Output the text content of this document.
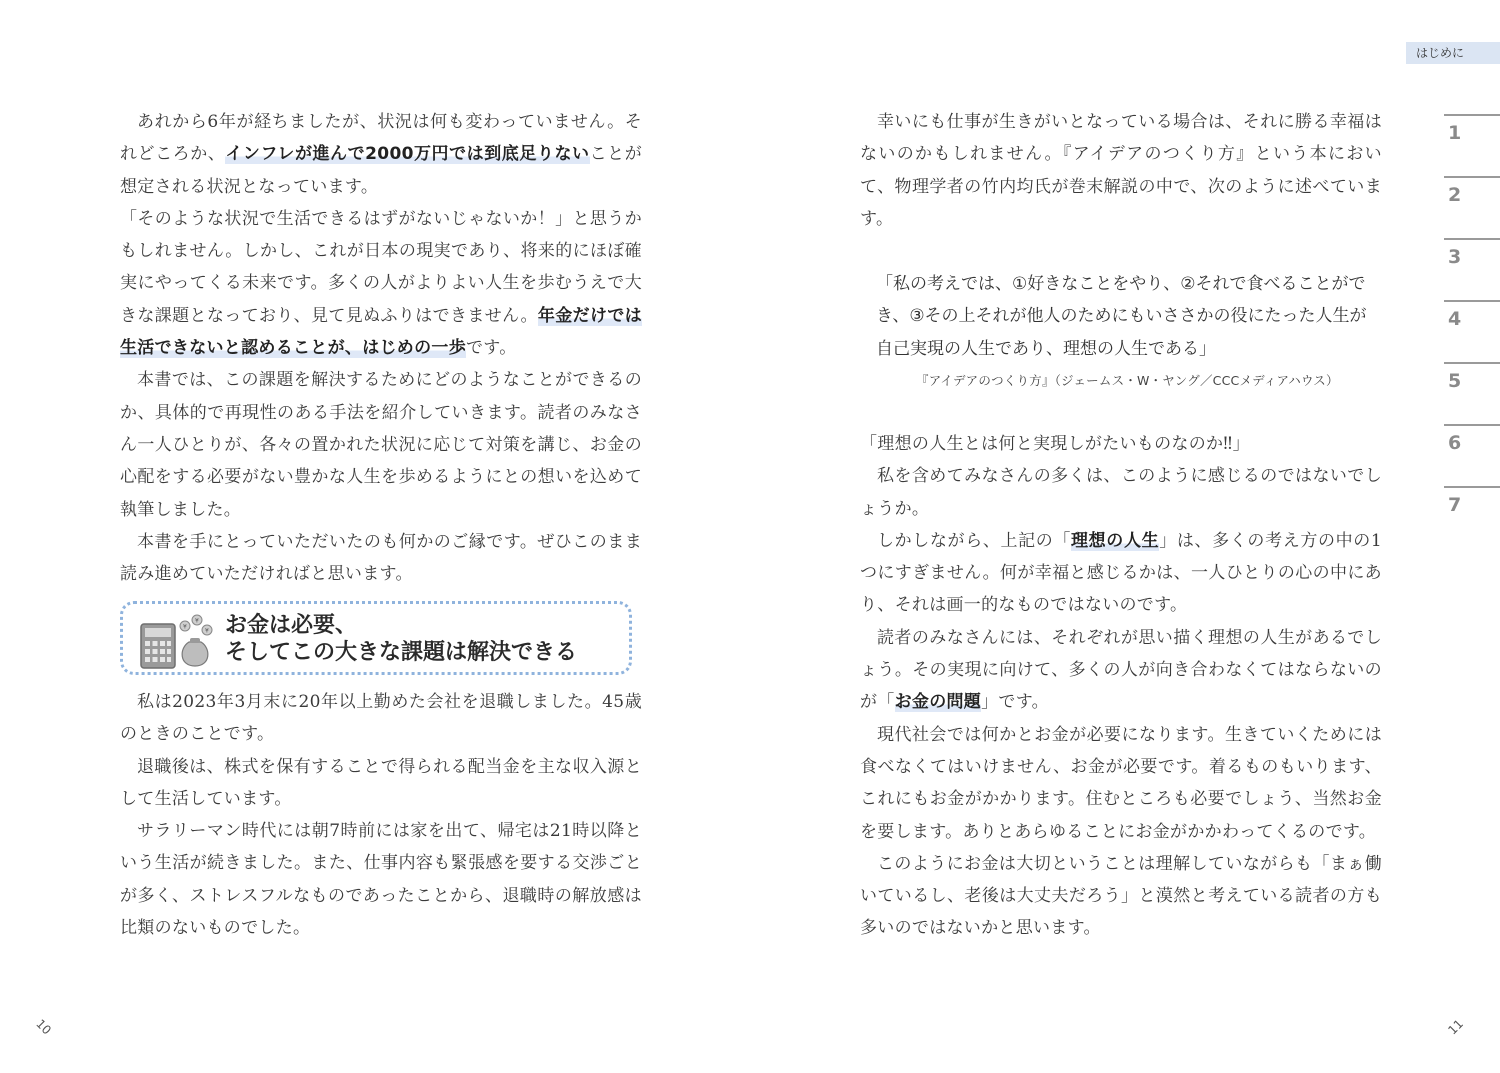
あれから6年が経ちましたが、状況は何も変わっていません。それどころか、インフレが進んで2000万円では到底足りないことが想定される状況となっています。

「そのような状況で生活できるはずがないじゃないか！」と思うかもしれません。しかし、これが日本の現実であり、将来的にほぼ確実にやってくる未来です。多くの人がよりよい人生を歩むうえで大きな課題となっており、見て見ぬふりはできません。年金だけでは生活できないと認めることが、はじめの一歩です。

本書では、この課題を解決するためにどのようなことができるのか、具体的で再現性のある手法を紹介していきます。読者のみなさん一人ひとりが、各々の置かれた状況に応じて対策を講じ、お金の心配をする必要がない豊かな人生を歩めるようにとの想いを込めて執筆しました。

本書を手にとっていただいたのも何かのご縁です。ぜひこのまま読み進めていただければと思います。

¥
¥
¥ お金は必要、
そしてこの大きな課題は解決できる

私は2023年3月末に20年以上勤めた会社を退職しました。45歳のときのことです。

退職後は、株式を保有することで得られる配当金を主な収入源として生活しています。

サラリーマン時代には朝7時前には家を出て、帰宅は21時以降という生活が続きました。また、仕事内容も緊張感を要する交渉ごとが多く、ストレスフルなものであったことから、退職時の解放感は比類のないものでした。

10
はじめに
1
2
3
4
5
6
7

幸いにも仕事が生きがいとなっている場合は、それに勝る幸福はないのかもしれません。『アイデアのつくり方』という本において、物理学者の竹内均氏が巻末解説の中で、次のように述べています。

「私の考えでは、①好きなことをやり、②それで食べることができ、③その上それが他人のためにもいささかの役にたった人生が自己実現の人生であり、理想の人生である」
『アイデアのつくり方』（ジェームス・W・ヤング／CCCメディアハウス）

「理想の人生とは何と実現しがたいものなのか‼」

私を含めてみなさんの多くは、このように感じるのではないでしょうか。

しかしながら、上記の「理想の人生」は、多くの考え方の中の1つにすぎません。何が幸福と感じるかは、一人ひとりの心の中にあり、それは画一的なものではないのです。

読者のみなさんには、それぞれが思い描く理想の人生があるでしょう。その実現に向けて、多くの人が向き合わなくてはならないのが「お金の問題」です。

現代社会では何かとお金が必要になります。生きていくためには食べなくてはいけません、お金が必要です。着るものもいります、これにもお金がかかります。住むところも必要でしょう、当然お金を要します。ありとあらゆることにお金がかかわってくるのです。

このようにお金は大切ということは理解していながらも「まぁ働いているし、老後は大丈夫だろう」と漠然と考えている読者の方も多いのではないかと思います。

11
